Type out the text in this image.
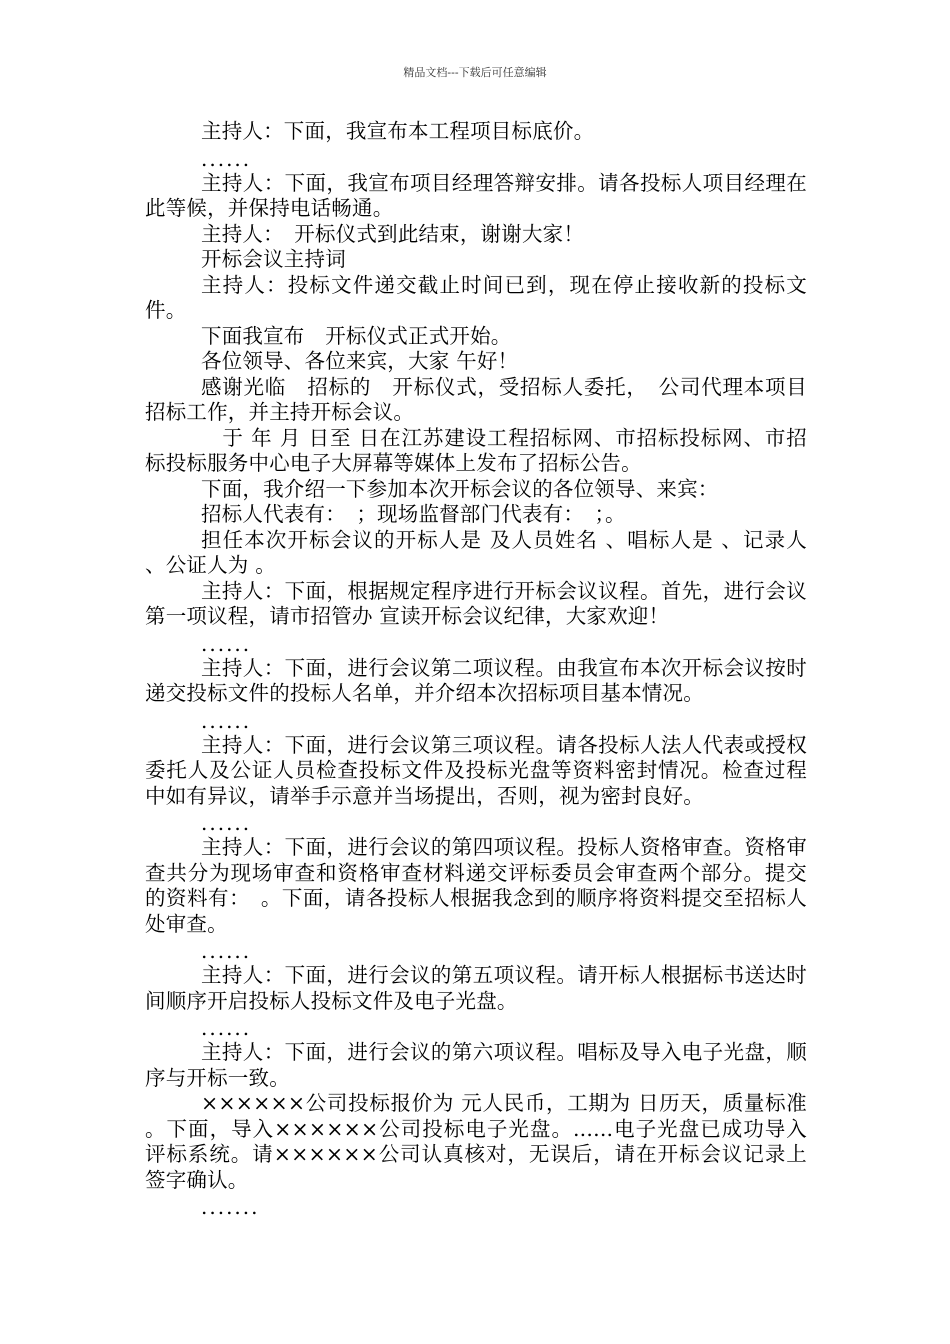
精品文档---下载后可任意编辑

主持人：下面，我宣布本工程项目标底价。

......

主持人：下面，我宣布项目经理答辩安排。请各投标人项目经理在此等候，并保持电话畅通。

主持人：　开标仪式到此结束，谢谢大家！

开标会议主持词

主持人：投标文件递交截止时间已到，现在停止接收新的投标文件。

下面我宣布　开标仪式正式开始。

各位领导、各位来宾，大家 午好！

感谢光临　招标的　开标仪式，受招标人委托，　公司代理本项目招标工作，并主持开标会议。

　于 年 月 日至 日在江苏建设工程招标网、市招标投标网、市招标投标服务中心电子大屏幕等媒体上发布了招标公告。

下面，我介绍一下参加本次开标会议的各位领导、来宾：

招标人代表有：　；现场监督部门代表有：　；。

担任本次开标会议的开标人是 及人员姓名 、唱标人是 、记录人 、公证人为 。

主持人：下面，根据规定程序进行开标会议议程。首先，进行会议第一项议程，请市招管办 宣读开标会议纪律，大家欢迎！

......

主持人：下面，进行会议第二项议程。由我宣布本次开标会议按时递交投标文件的投标人名单，并介绍本次招标项目基本情况。

......

主持人：下面，进行会议第三项议程。请各投标人法人代表或授权委托人及公证人员检查投标文件及投标光盘等资料密封情况。检查过程中如有异议，请举手示意并当场提出，否则，视为密封良好。

......

主持人：下面，进行会议的第四项议程。投标人资格审查。资格审查共分为现场审查和资格审查材料递交评标委员会审查两个部分。提交的资料有：　。下面，请各投标人根据我念到的顺序将资料提交至招标人处审查。

......

主持人：下面，进行会议的第五项议程。请开标人根据标书送达时间顺序开启投标人投标文件及电子光盘。

......

主持人：下面，进行会议的第六项议程。唱标及导入电子光盘，顺序与开标一致。

××××××公司投标报价为 元人民币，工期为 日历天，质量标准 。下面，导入××××××公司投标电子光盘。......电子光盘已成功导入评标系统。请××××××公司认真核对，无误后，请在开标会议记录上签字确认。

.......
